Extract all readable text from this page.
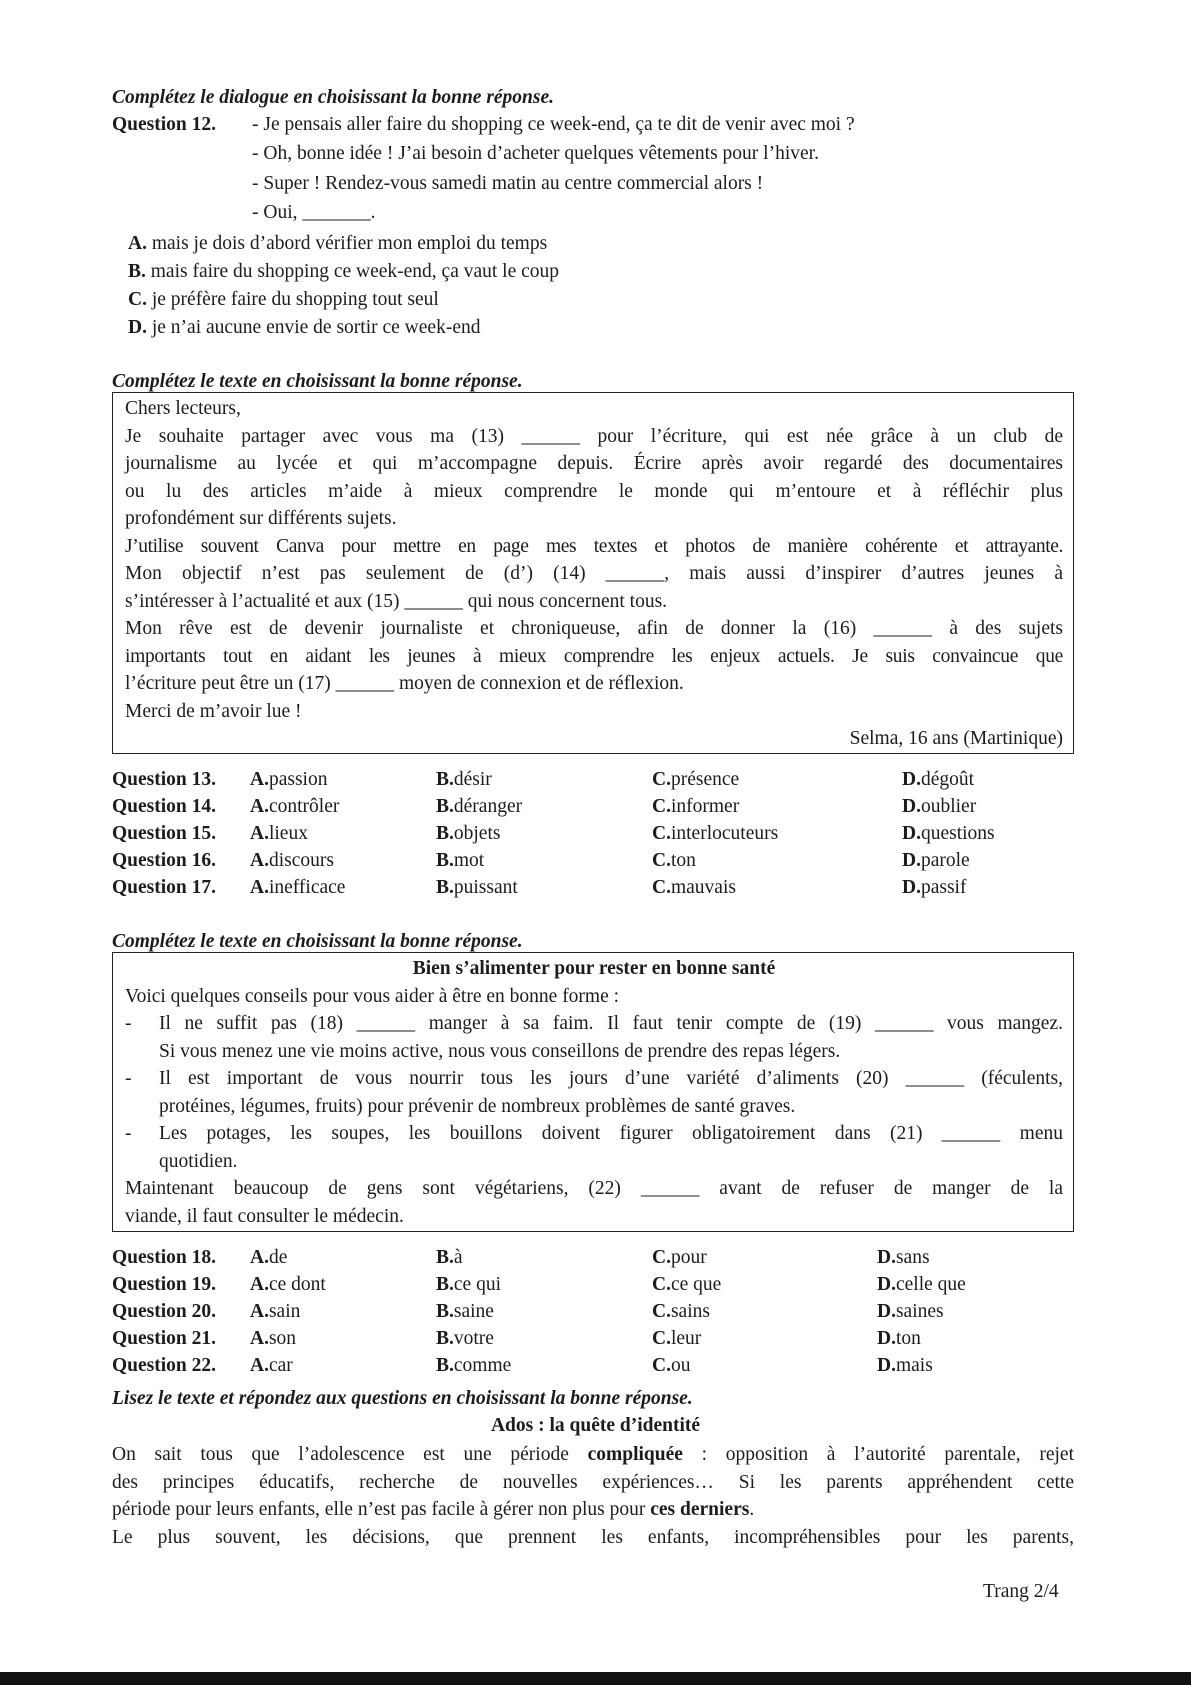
Complétez le dialogue en choisissant la bonne réponse.
Question 12. - Je pensais aller faire du shopping ce week-end, ça te dit de venir avec moi ?
- Oh, bonne idée ! J’ai besoin d’acheter quelques vêtements pour l’hiver.
- Super ! Rendez-vous samedi matin au centre commercial alors !
- Oui, _______.
A. mais je dois d’abord vérifier mon emploi du temps
B. mais faire du shopping ce week-end, ça vaut le coup
C. je préfère faire du shopping tout seul
D. je n’ai aucune envie de sortir ce week-end
Complétez le texte en choisissant la bonne réponse.
Chers lecteurs,
Je souhaite partager avec vous ma (13) ______ pour l’écriture, qui est née grâce à un club de
journalisme au lycée et qui m’accompagne depuis. Écrire après avoir regardé des documentaires
ou lu des articles m’aide à mieux comprendre le monde qui m’entoure et à réfléchir plus
profondément sur différents sujets.
J’utilise souvent Canva pour mettre en page mes textes et photos de manière cohérente et attrayante.
Mon objectif n’est pas seulement de (d’) (14) ______, mais aussi d’inspirer d’autres jeunes à
s’intéresser à l’actualité et aux (15) ______ qui nous concernent tous.
Mon rêve est de devenir journaliste et chroniqueuse, afin de donner la (16) ______ à des sujets
importants tout en aidant les jeunes à mieux comprendre les enjeux actuels. Je suis convaincue que
l’écriture peut être un (17) ______ moyen de connexion et de réflexion.
Merci de m’avoir lue !
Selma, 16 ans (Martinique)
Question 13. A. passion	B. désir	C. présence	D. dégoût
Question 14. A. contrôler	B. déranger	C. informer	D. oublier
Question 15. A. lieux	B. objets	C. interlocuteurs	D. questions
Question 16. A. discours	B. mot	C. ton	D. parole
Question 17. A. inefficace	B. puissant	C. mauvais	D. passif
Complétez le texte en choisissant la bonne réponse.
Bien s’alimenter pour rester en bonne santé
Voici quelques conseils pour vous aider à être en bonne forme :
- Il ne suffit pas (18) ______ manger à sa faim. Il faut tenir compte de (19) ______ vous mangez.
Si vous menez une vie moins active, nous vous conseillons de prendre des repas légers.
- Il est important de vous nourrir tous les jours d’une variété d’aliments (20) ______ (féculents,
protéines, légumes, fruits) pour prévenir de nombreux problèmes de santé graves.
- Les potages, les soupes, les bouillons doivent figurer obligatoirement dans (21) ______ menu
quotidien.
Maintenant beaucoup de gens sont végétariens, (22) ______ avant de refuser de manger de la
viande, il faut consulter le médecin.
Question 18. A. de	B. à	C. pour	D. sans
Question 19. A. ce dont	B. ce qui	C. ce que	D. celle que
Question 20. A. sain	B. saine	C. sains	D. saines
Question 21. A. son	B. votre	C. leur	D. ton
Question 22. A. car	B. comme	C. ou	D. mais
Lisez le texte et répondez aux questions en choisissant la bonne réponse.
Ados : la quête d’identité
On sait tous que l’adolescence est une période compliquée : opposition à l’autorité parentale, rejet
des principes éducatifs, recherche de nouvelles expériences… Si les parents appréhendent cette
période pour leurs enfants, elle n’est pas facile à gérer non plus pour ces derniers.
Le plus souvent, les décisions, que prennent les enfants, incompréhensibles pour les parents,
Trang 2/4
